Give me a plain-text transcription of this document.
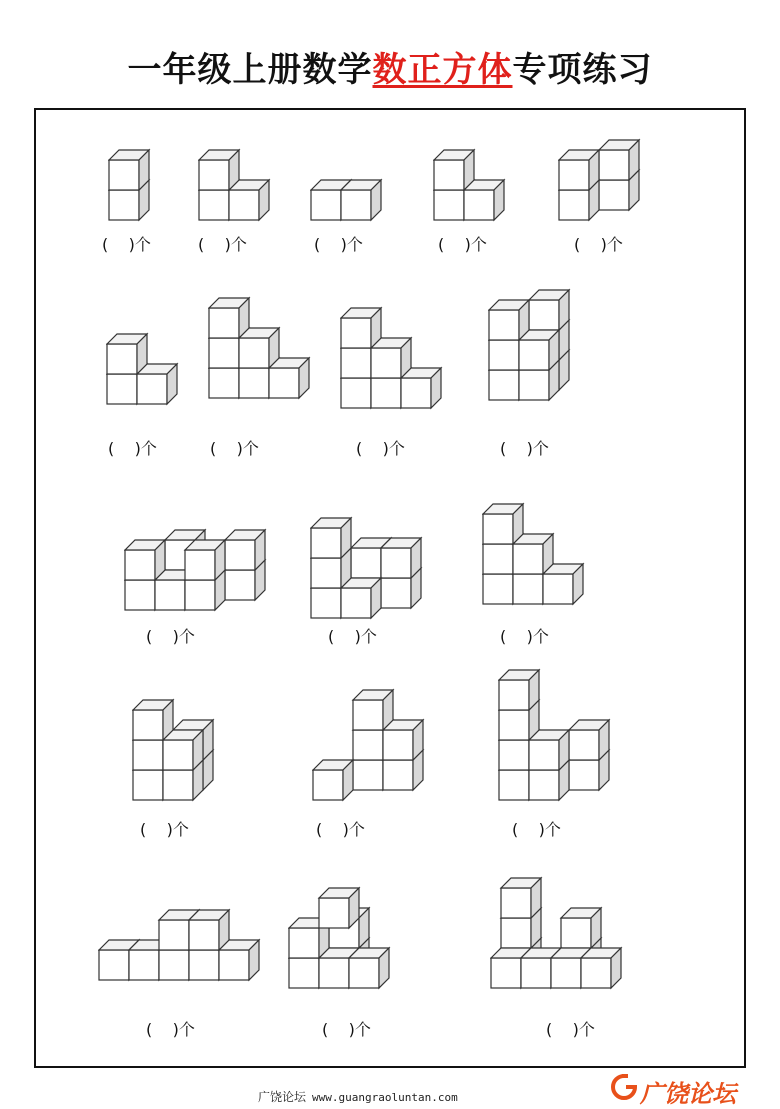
一年级上册数学数正方体专项练习
(    )个	(    )个	(    )个	(    )个	(    )个
(    )个	(    )个	(    )个	(    )个
(    )个	(    )个	(    )个
(    )个	(    )个	(    )个
(    )个	(    )个	(    )个
广饶论坛 www.guangraoluntan.com	广饶论坛
